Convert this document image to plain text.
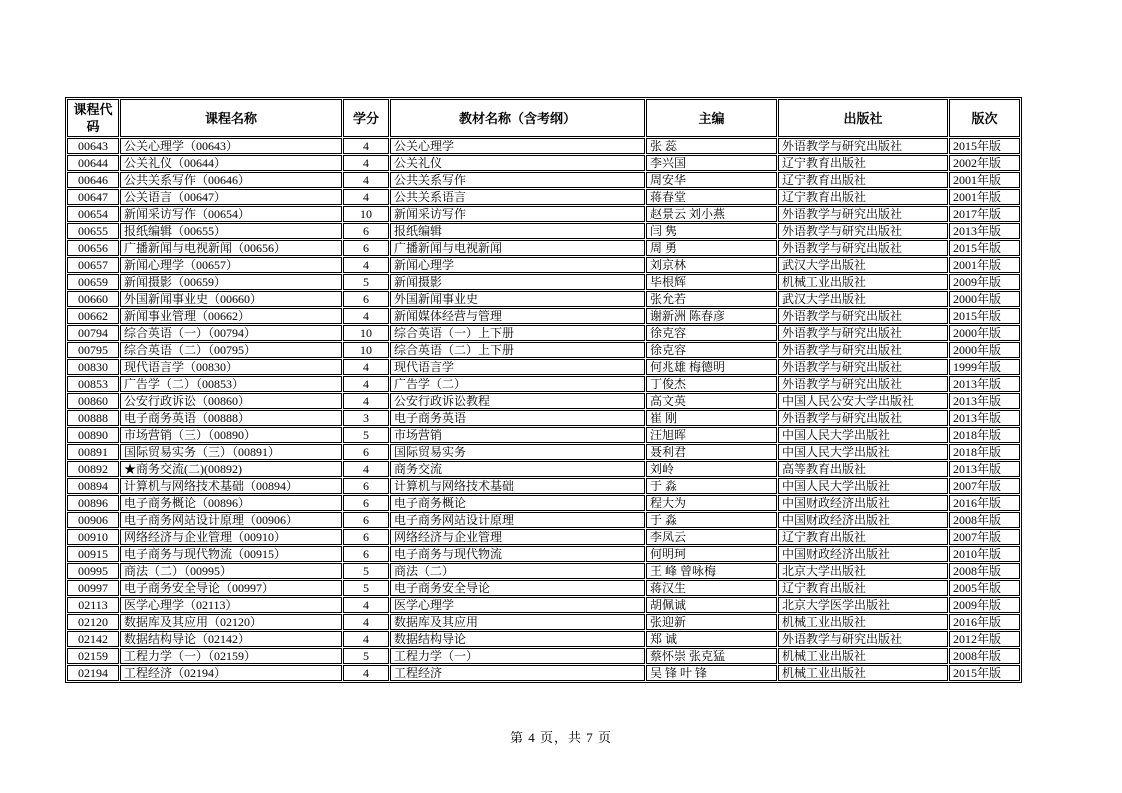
课程代码	课程名称	学分	教材名称（含考纲）	主编	出版社	版次
00643	公关心理学（00643）	4	公关心理学	张 蕊	外语教学与研究出版社	2015年版
00644	公关礼仪（00644）	4	公关礼仪	李兴国	辽宁教育出版社	2002年版
00646	公共关系写作（00646）	4	公共关系写作	周安华	辽宁教育出版社	2001年版
00647	公关语言（00647）	4	公共关系语言	蒋春堂	辽宁教育出版社	2001年版
00654	新闻采访写作（00654）	10	新闻采访写作	赵景云 刘小燕	外语教学与研究出版社	2017年版
00655	报纸编辑（00655）	6	报纸编辑	闫 隽	外语教学与研究出版社	2013年版
00656	广播新闻与电视新闻（00656）	6	广播新闻与电视新闻	周 勇	外语教学与研究出版社	2015年版
00657	新闻心理学（00657）	4	新闻心理学	刘京林	武汉大学出版社	2001年版
00659	新闻摄影（00659）	5	新闻摄影	毕根辉	机械工业出版社	2009年版
00660	外国新闻事业史（00660）	6	外国新闻事业史	张允若	武汉大学出版社	2000年版
00662	新闻事业管理（00662）	4	新闻媒体经营与管理	谢新洲 陈春彦	外语教学与研究出版社	2015年版
00794	综合英语（一）（00794）	10	综合英语（一）上下册	徐克容	外语教学与研究出版社	2000年版
00795	综合英语（二）（00795）	10	综合英语（二）上下册	徐克容	外语教学与研究出版社	2000年版
00830	现代语言学（00830）	4	现代语言学	何兆雄 梅德明	外语教学与研究出版社	1999年版
00853	广告学（二）（00853）	4	广告学（二）	丁俊杰	外语教学与研究出版社	2013年版
00860	公安行政诉讼（00860）	4	公安行政诉讼教程	高文英	中国人民公安大学出版社	2013年版
00888	电子商务英语（00888）	3	电子商务英语	崔 刚	外语教学与研究出版社	2013年版
00890	市场营销（三）（00890）	5	市场营销	汪旭晖	中国人民大学出版社	2018年版
00891	国际贸易实务（三）（00891）	6	国际贸易实务	聂利君	中国人民大学出版社	2018年版
00892	★商务交流(二)(00892)	4	商务交流	刘岭	高等教育出版社	2013年版
00894	计算机与网络技术基础（00894）	6	计算机与网络技术基础	于 淼	中国人民大学出版社	2007年版
00896	电子商务概论（00896）	6	电子商务概论	程大为	中国财政经济出版社	2016年版
00906	电子商务网站设计原理（00906）	6	电子商务网站设计原理	于 淼	中国财政经济出版社	2008年版
00910	网络经济与企业管理（00910）	6	网络经济与企业管理	李凤云	辽宁教育出版社	2007年版
00915	电子商务与现代物流（00915）	6	电子商务与现代物流	何明珂	中国财政经济出版社	2010年版
00995	商法（二）（00995）	5	商法（二）	王 峰 曾咏梅	北京大学出版社	2008年版
00997	电子商务安全导论（00997）	5	电子商务安全导论	蒋汉生	辽宁教育出版社	2005年版
02113	医学心理学（02113）	4	医学心理学	胡佩诚	北京大学医学出版社	2009年版
02120	数据库及其应用（02120）	4	数据库及其应用	张迎新	机械工业出版社	2016年版
02142	数据结构导论（02142）	4	数据结构导论	郑 诚	外语教学与研究出版社	2012年版
02159	工程力学（一）（02159）	5	工程力学（一）	蔡怀崇 张克猛	机械工业出版社	2008年版
02194	工程经济（02194）	4	工程经济	吴 锋 叶 锋	机械工业出版社	2015年版
第 4 页，共 7 页
